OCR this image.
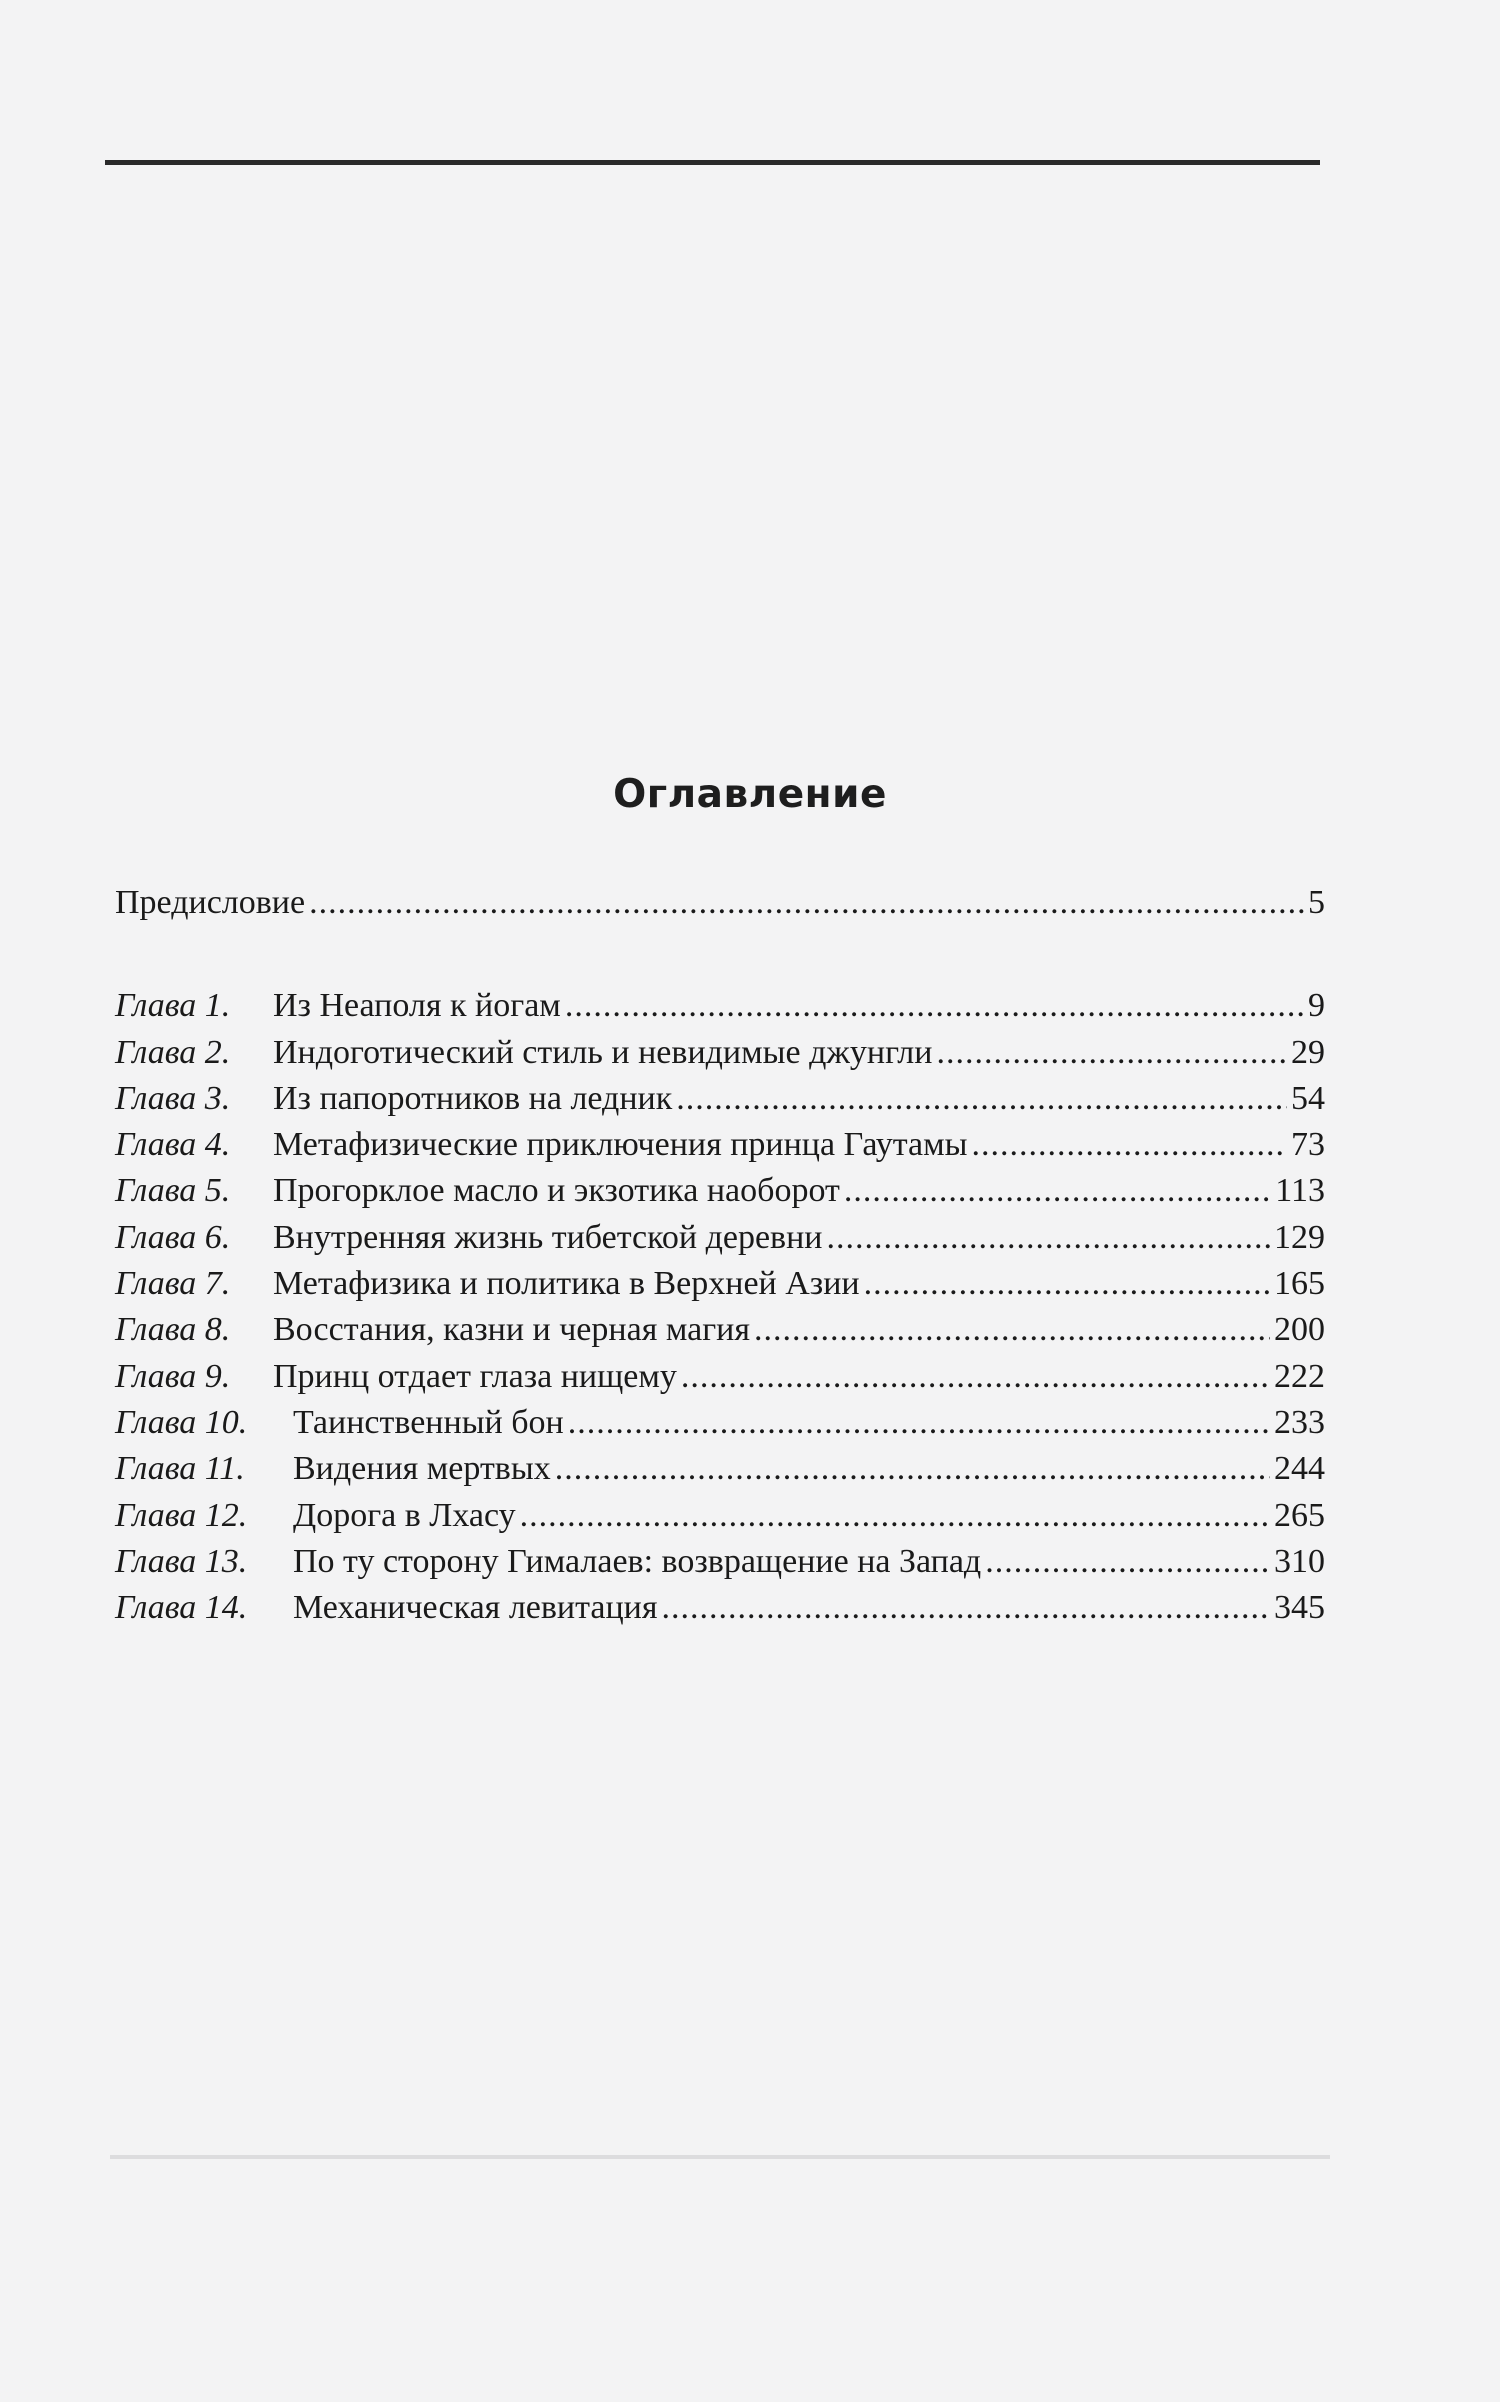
Оглавление
Предисловие .....	5
Глава 1.	Из Неаполя к йогам .....	9
Глава 2.	Индоготический стиль и невидимые джунгли .....	29
Глава 3.	Из папоротников на ледник .....	54
Глава 4.	Метафизические приключения принца Гаутамы .....	73
Глава 5.	Прогорклое масло и экзотика наоборот .....	113
Глава 6.	Внутренняя жизнь тибетской деревни .....	129
Глава 7.	Метафизика и политика в Верхней Азии .....	165
Глава 8.	Восстания, казни и черная магия .....	200
Глава 9.	Принц отдает глаза нищему .....	222
Глава 10.	Таинственный бон .....	233
Глава 11.	Видения мертвых .....	244
Глава 12.	Дорога в Лхасу .....	265
Глава 13.	По ту сторону Гималаев: возвращение на Запад .....	310
Глава 14.	Механическая левитация .....	345
